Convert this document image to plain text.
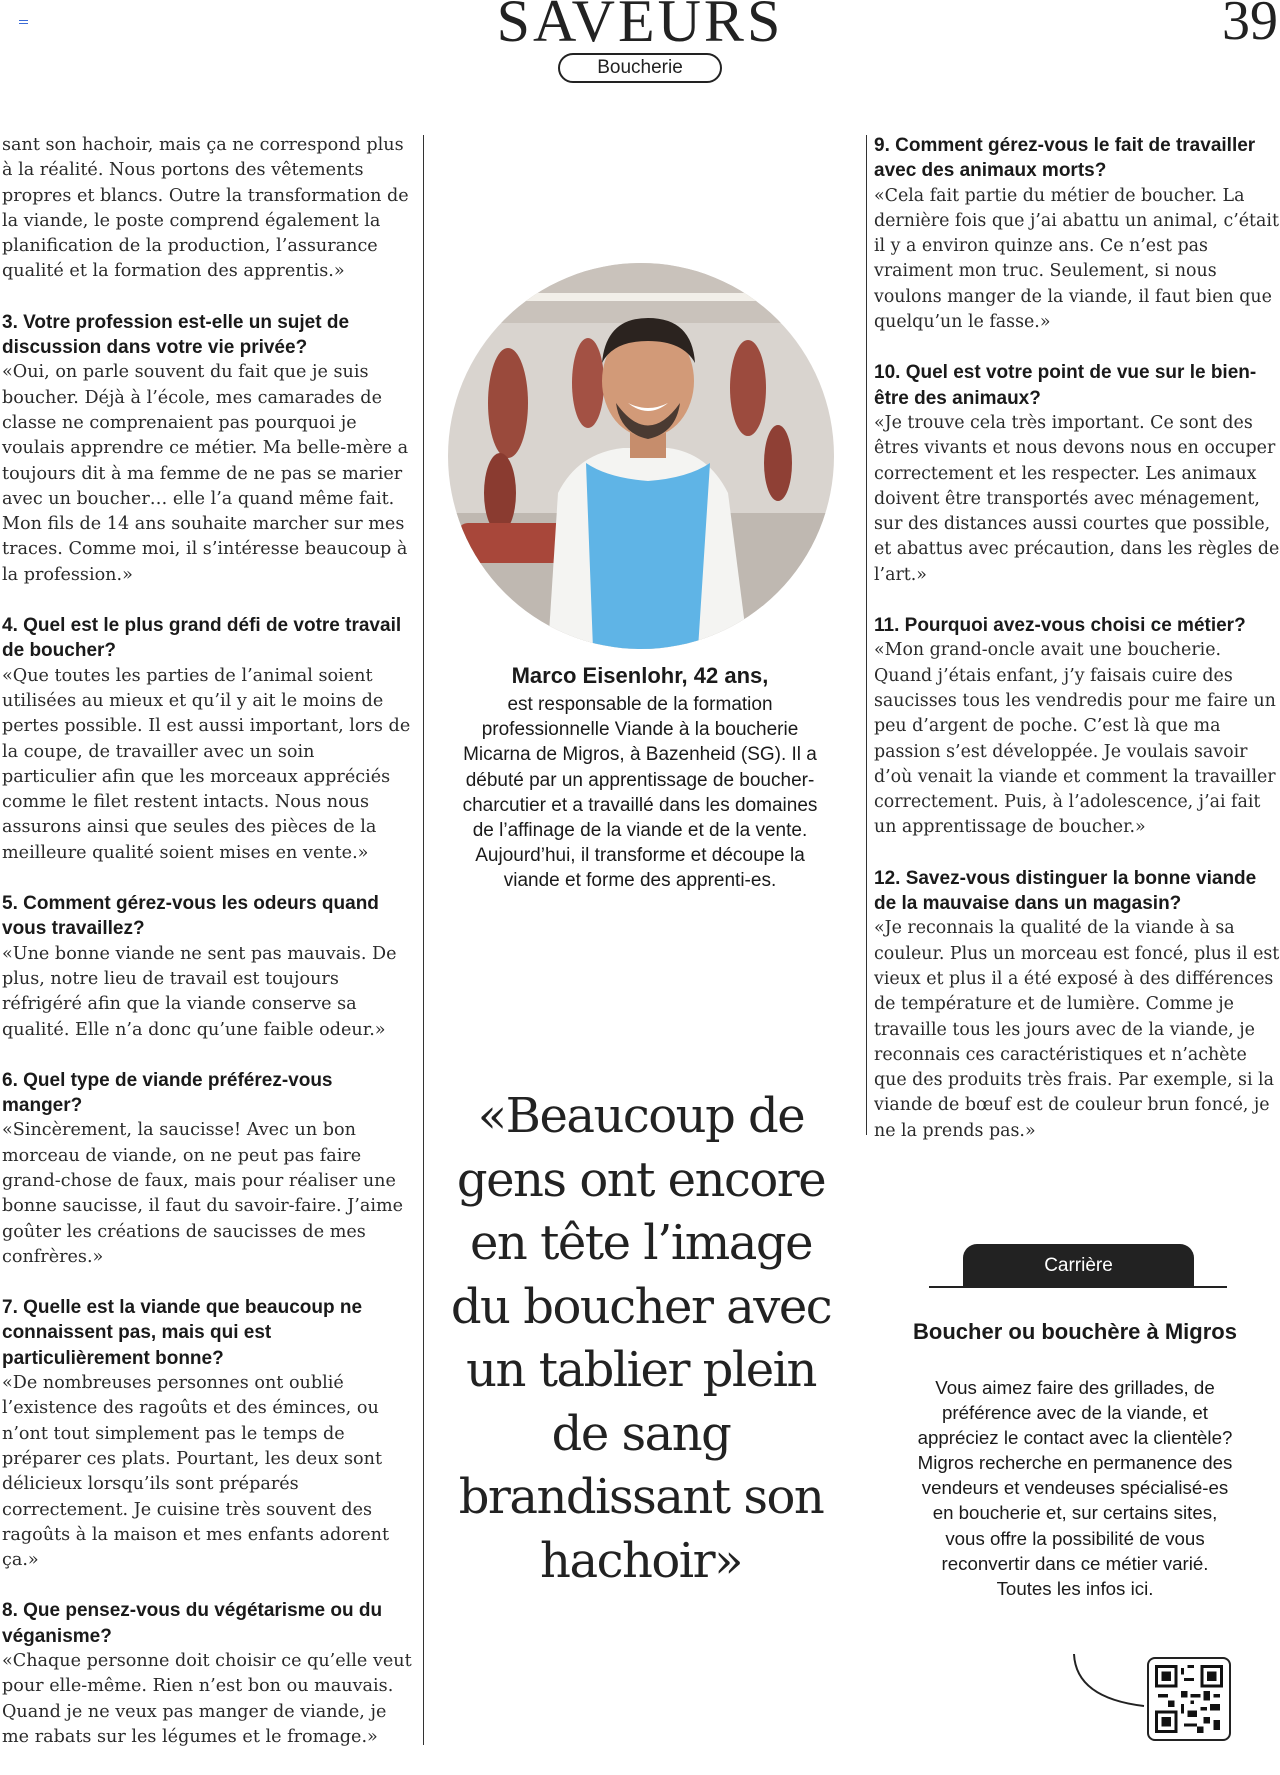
SAVEURS	39
Boucherie

sant son hachoir, mais ça ne correspond plus à la réalité. Nous portons des vêtements propres et blancs. Outre la transformation de la viande, le poste comprend également la planification de la production, l’assurance qualité et la formation des apprentis.»

3. Votre profession est-elle un sujet de discussion dans votre vie privée?

«Oui, on parle souvent du fait que je suis boucher. Déjà à l’école, mes camarades de classe ne comprenaient pas pourquoi je voulais apprendre ce métier. Ma belle-mère a toujours dit à ma femme de ne pas se marier avec un boucher… elle l’a quand même fait. Mon fils de 14 ans souhaite marcher sur mes traces. Comme moi, il s’intéresse beaucoup à la profession.»

4. Quel est le plus grand défi de votre travail de boucher?

«Que toutes les parties de l’animal soient utilisées au mieux et qu’il y ait le moins de pertes possible. Il est aussi important, lors de la coupe, de travailler avec un soin particulier afin que les morceaux appréciés comme le filet restent intacts. Nous nous assurons ainsi que seules des pièces de la meilleure qualité soient mises en vente.»

5. Comment gérez-vous les odeurs quand vous travaillez?

«Une bonne viande ne sent pas mauvais. De plus, notre lieu de travail est toujours réfrigéré afin que la viande conserve sa qualité. Elle n’a donc qu’une faible odeur.»

6. Quel type de viande préférez-vous manger?

«Sincèrement, la saucisse! Avec un bon morceau de viande, on ne peut pas faire grand-chose de faux, mais pour réaliser une bonne saucisse, il faut du savoir-faire. J’aime goûter les créations de saucisses de mes confrères.»

7. Quelle est la viande que beaucoup ne connaissent pas, mais qui est particulièrement bonne?

«De nombreuses personnes ont oublié l’existence des ragoûts et des éminces, ou n’ont tout simplement pas le temps de préparer ces plats. Pourtant, les deux sont délicieux lorsqu’ils sont préparés correctement. Je cuisine très souvent des ragoûts à la maison et mes enfants adorent ça.»

8. Que pensez-vous du végétarisme ou du véganisme?

«Chaque personne doit choisir ce qu’elle veut pour elle-même. Rien n’est bon ou mauvais. Quand je ne veux pas manger de viande, je me rabats sur les légumes et le fromage.»

Marco Eisenlohr, 42 ans,

est responsable de la formation professionnelle Viande à la boucherie Micarna de Migros, à Bazenheid (SG). Il a débuté par un apprentissage de boucher-charcutier et a travaillé dans les domaines de l’affinage de la viande et de la vente. Aujourd’hui, il transforme et découpe la viande et forme des apprenti-es.

«Beaucoup de gens ont encore en tête l’image du boucher avec un tablier plein de sang brandissant son hachoir»

9. Comment gérez-vous le fait de travailler avec des animaux morts?

«Cela fait partie du métier de boucher. La dernière fois que j’ai abattu un animal, c’était il y a environ quinze ans. Ce n’est pas vraiment mon truc. Seulement, si nous voulons manger de la viande, il faut bien que quelqu’un le fasse.»

10. Quel est votre point de vue sur le bien-être des animaux?

«Je trouve cela très important. Ce sont des êtres vivants et nous devons nous en occuper correctement et les respecter. Les animaux doivent être transportés avec ménagement, sur des distances aussi courtes que possible, et abattus avec précaution, dans les règles de l’art.»

11. Pourquoi avez-vous choisi ce métier?

«Mon grand-oncle avait une boucherie. Quand j’étais enfant, j’y faisais cuire des saucisses tous les vendredis pour me faire un peu d’argent de poche. C’est là que ma passion s’est développée. Je voulais savoir d’où venait la viande et comment la travailler correctement. Puis, à l’adolescence, j’ai fait un apprentissage de boucher.»

12. Savez-vous distinguer la bonne viande de la mauvaise dans un magasin?

«Je reconnais la qualité de la viande à sa couleur. Plus un morceau est foncé, plus il est vieux et plus il a été exposé à des différences de température et de lumière. Comme je travaille tous les jours avec de la viande, je reconnais ces caractéristiques et n’achète que des produits très frais. Par exemple, si la viande de bœuf est de couleur brun foncé, je ne la prends pas.»

Carrière
Boucher ou bouchère à Migros
Vous aimez faire des grillades, de préférence avec de la viande, et appréciez le contact avec la clientèle? Migros recherche en permanence des vendeurs et vendeuses spécialisé-es en boucherie et, sur certains sites, vous offre la possibilité de vous reconvertir dans ce métier varié. Toutes les infos ici.
